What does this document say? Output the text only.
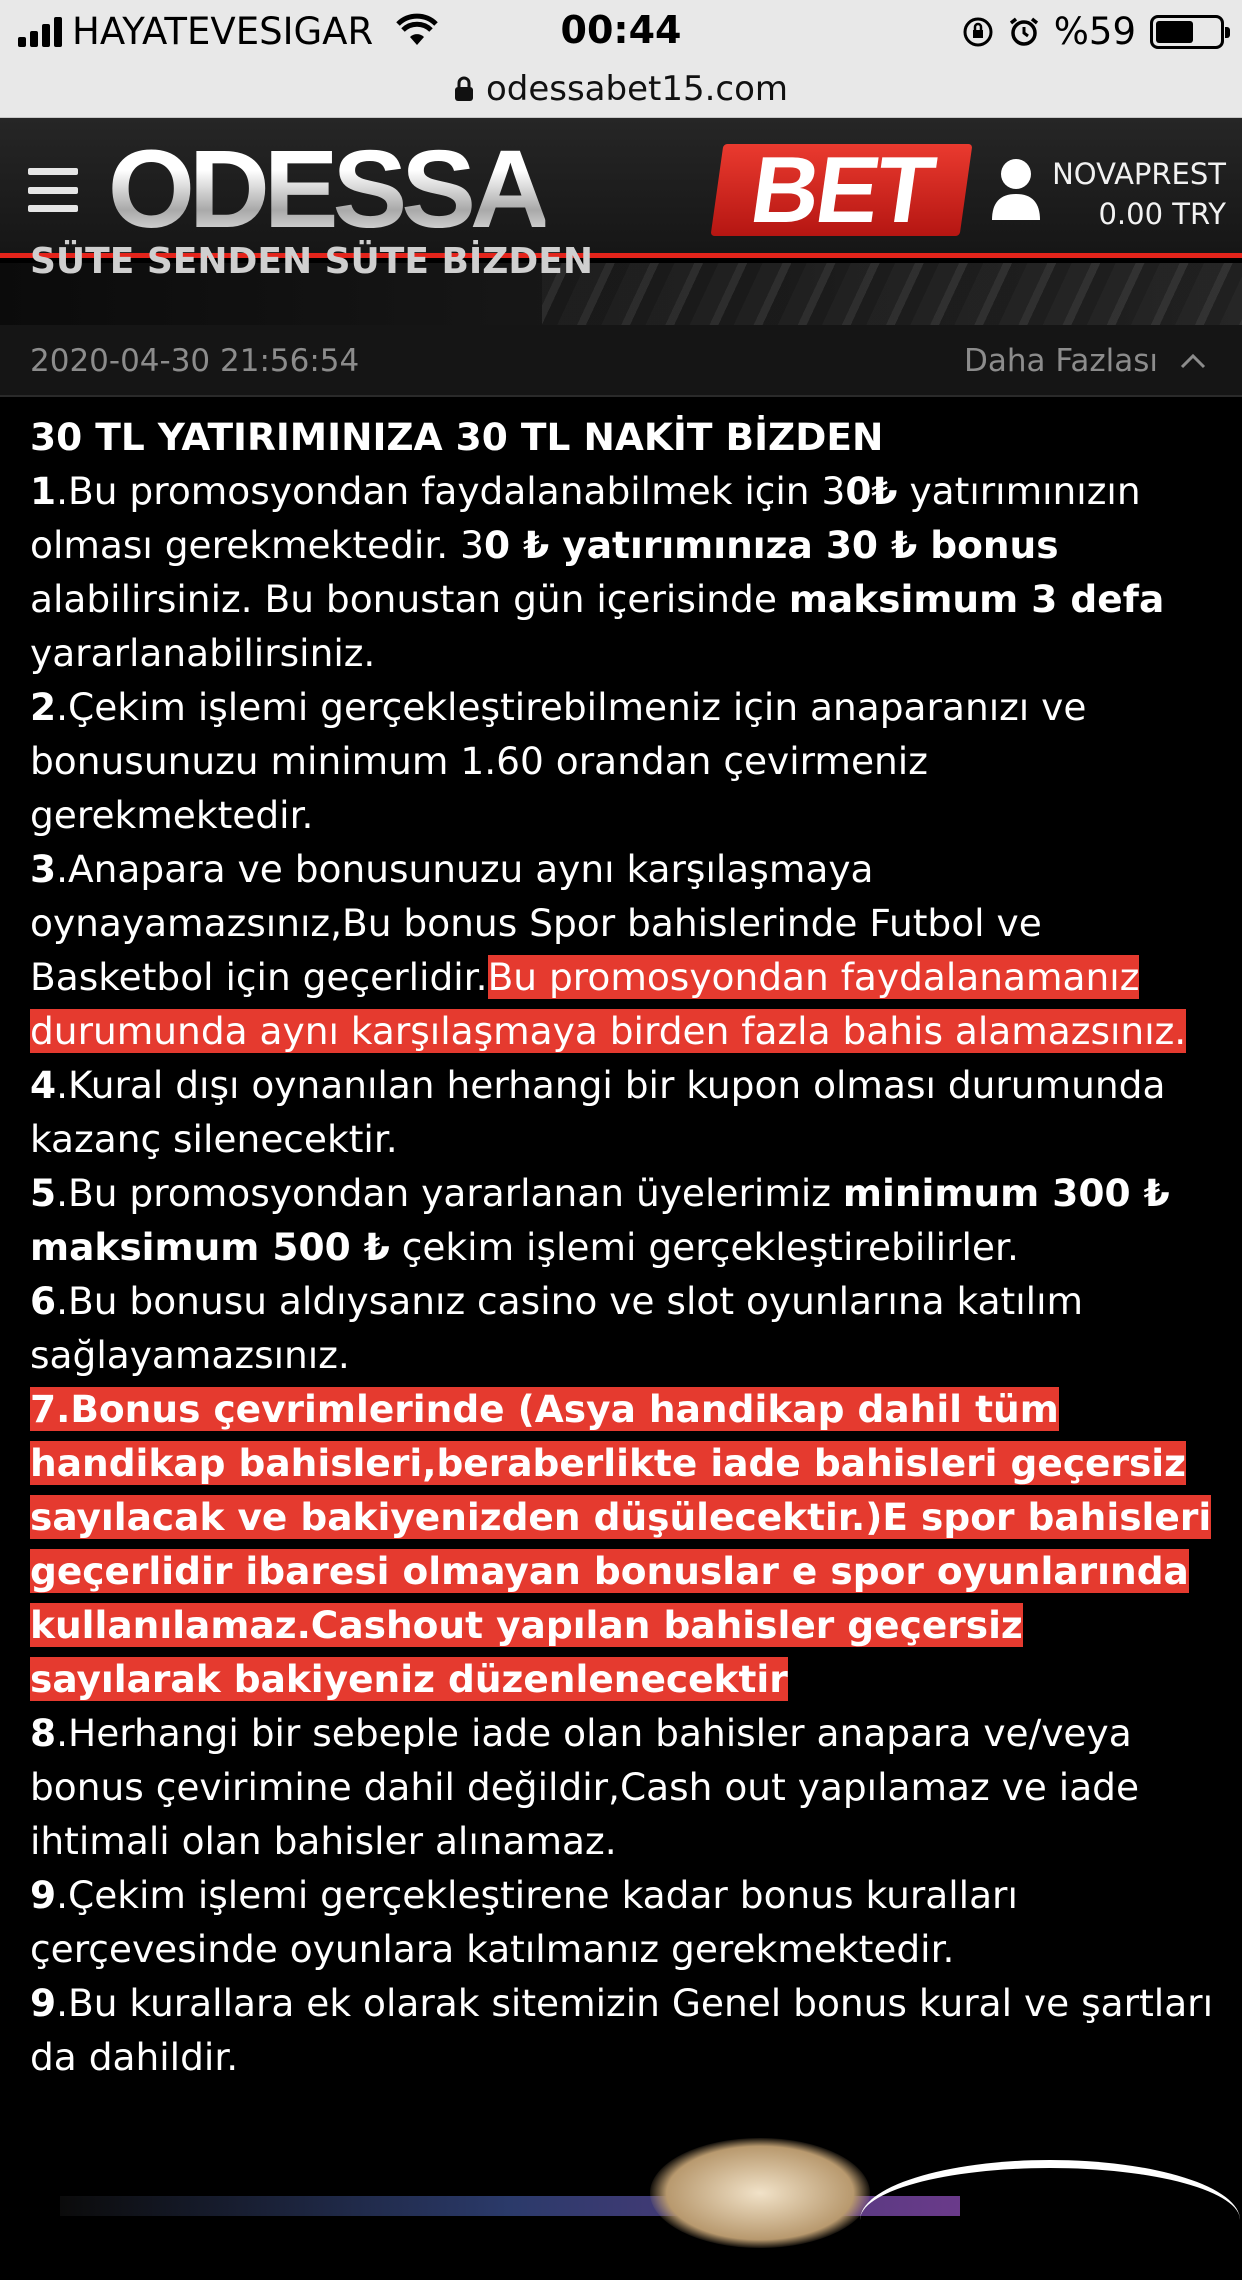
HAYATEVESIGAR	00:44	%59
odessabet15.com
ODESSA	BET	NOVAPREST
0.00 TRY
SÜTE SENDEN SÜTE BİZDEN
2020-04-30 21:56:54	Daha Fazlası

30 TL YATIRIMINIZA 30 TL NAKİT BİZDEN

1.Bu promosyondan faydalanabilmek için 30₺ yatırımınızın olması gerekmektedir. 30 ₺ yatırımınıza 30 ₺ bonus alabilirsiniz. Bu bonustan gün içerisinde maksimum 3 defa yararlanabilirsiniz.

2.Çekim işlemi gerçekleştirebilmeniz için anaparanızı ve bonusunuzu minimum 1.60 orandan çevirmeniz gerekmektedir.

3.Anapara ve bonusunuzu aynı karşılaşmaya oynayamazsınız,Bu bonus Spor bahislerinde Futbol ve Basketbol için geçerlidir.Bu promosyondan faydalanamanız durumunda aynı karşılaşmaya birden fazla bahis alamazsınız.

4.Kural dışı oynanılan herhangi bir kupon olması durumunda kazanç silenecektir.

5.Bu promosyondan yararlanan üyelerimiz minimum 300 ₺ maksimum 500 ₺ çekim işlemi gerçekleştirebilirler.

6.Bu bonusu aldıysanız casino ve slot oyunlarına katılım sağlayamazsınız.

7.Bonus çevrimlerinde (Asya handikap dahil tüm handikap bahisleri,beraberlikte iade bahisleri geçersiz sayılacak ve bakiyenizden düşülecektir.)E spor bahisleri geçerlidir ibaresi olmayan bonuslar e spor oyunlarında kullanılamaz.Cashout yapılan bahisler geçersiz sayılarak bakiyeniz düzenlenecektir

8.Herhangi bir sebeple iade olan bahisler anapara ve/veya bonus çevirimine dahil değildir,Cash out yapılamaz ve iade ihtimali olan bahisler alınamaz.

9.Çekim işlemi gerçekleştirene kadar bonus kuralları çerçevesinde oyunlara katılmanız gerekmektedir.

9.Bu kurallara ek olarak sitemizin Genel bonus kural ve şartları da dahildir.
